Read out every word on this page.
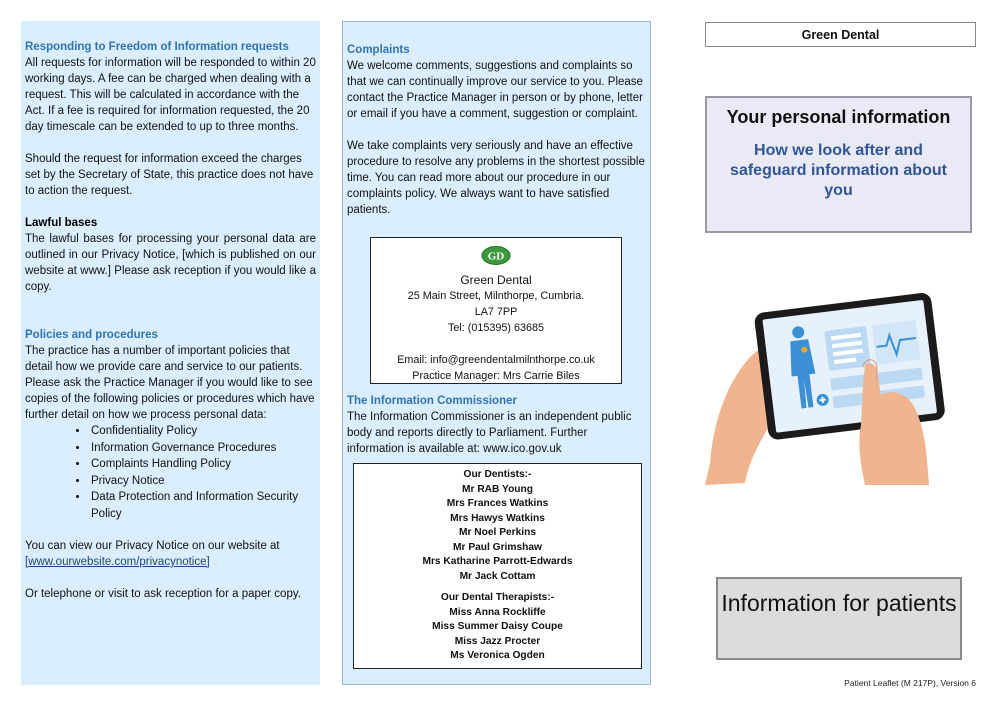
Responding to Freedom of Information requests

All requests for information will be responded to within 20 working days. A fee can be charged when dealing with a request. This will be calculated in accordance with the Act. If a fee is required for information requested, the 20 day timescale can be extended to up to three months.

Should the request for information exceed the charges set by the Secretary of State, this practice does not have to action the request.

Lawful bases

The lawful bases for processing your personal data are outlined in our Privacy Notice, [which is published on our website at www.] Please ask reception if you would like a copy.

Policies and procedures

The practice has a number of important policies that detail how we provide care and service to our patients. Please ask the Practice Manager if you would like to see copies of the following policies or procedures which have further detail on how we process personal data:

• Confidentiality Policy
• Information Governance Procedures
• Complaints Handling Policy
• Privacy Notice
• Data Protection and Information Security Policy

You can view our Privacy Notice on our website at

[www.ourwebsite.com/privacynotice]

Or telephone or visit to ask reception for a paper copy.

Complaints

We welcome comments, suggestions and complaints so that we can continually improve our service to you. Please contact the Practice Manager in person or by phone, letter or email if you have a comment, suggestion or complaint.

We take complaints very seriously and have an effective procedure to resolve any problems in the shortest possible time. You can read more about our procedure in our complaints policy. We always want to have satisfied patients.

GD
Green Dental
25 Main Street, Milnthorpe, Cumbria.
LA7 7PP
Tel: (015395) 63685
Email: info@greendentalmilnthorpe.co.uk
Practice Manager: Mrs Carrie Biles

The Information Commissioner

The Information Commissioner is an independent public body and reports directly to Parliament. Further information is available at: www.ico.gov.uk

Our Dentists:-
Mr RAB Young
Mrs Frances Watkins
Mrs Hawys Watkins
Mr Noel Perkins
Mr Paul Grimshaw
Mrs Katharine Parrott-Edwards
Mr Jack Cottam
Our Dental Therapists:-
Miss Anna Rockliffe
Miss Summer Daisy Coupe
Miss Jazz Procter
Ms Veronica Ogden
Green Dental
Your personal information
How we look after and safeguard information about you
Information for patients
Patient Leaflet (M 217P), Version 6
